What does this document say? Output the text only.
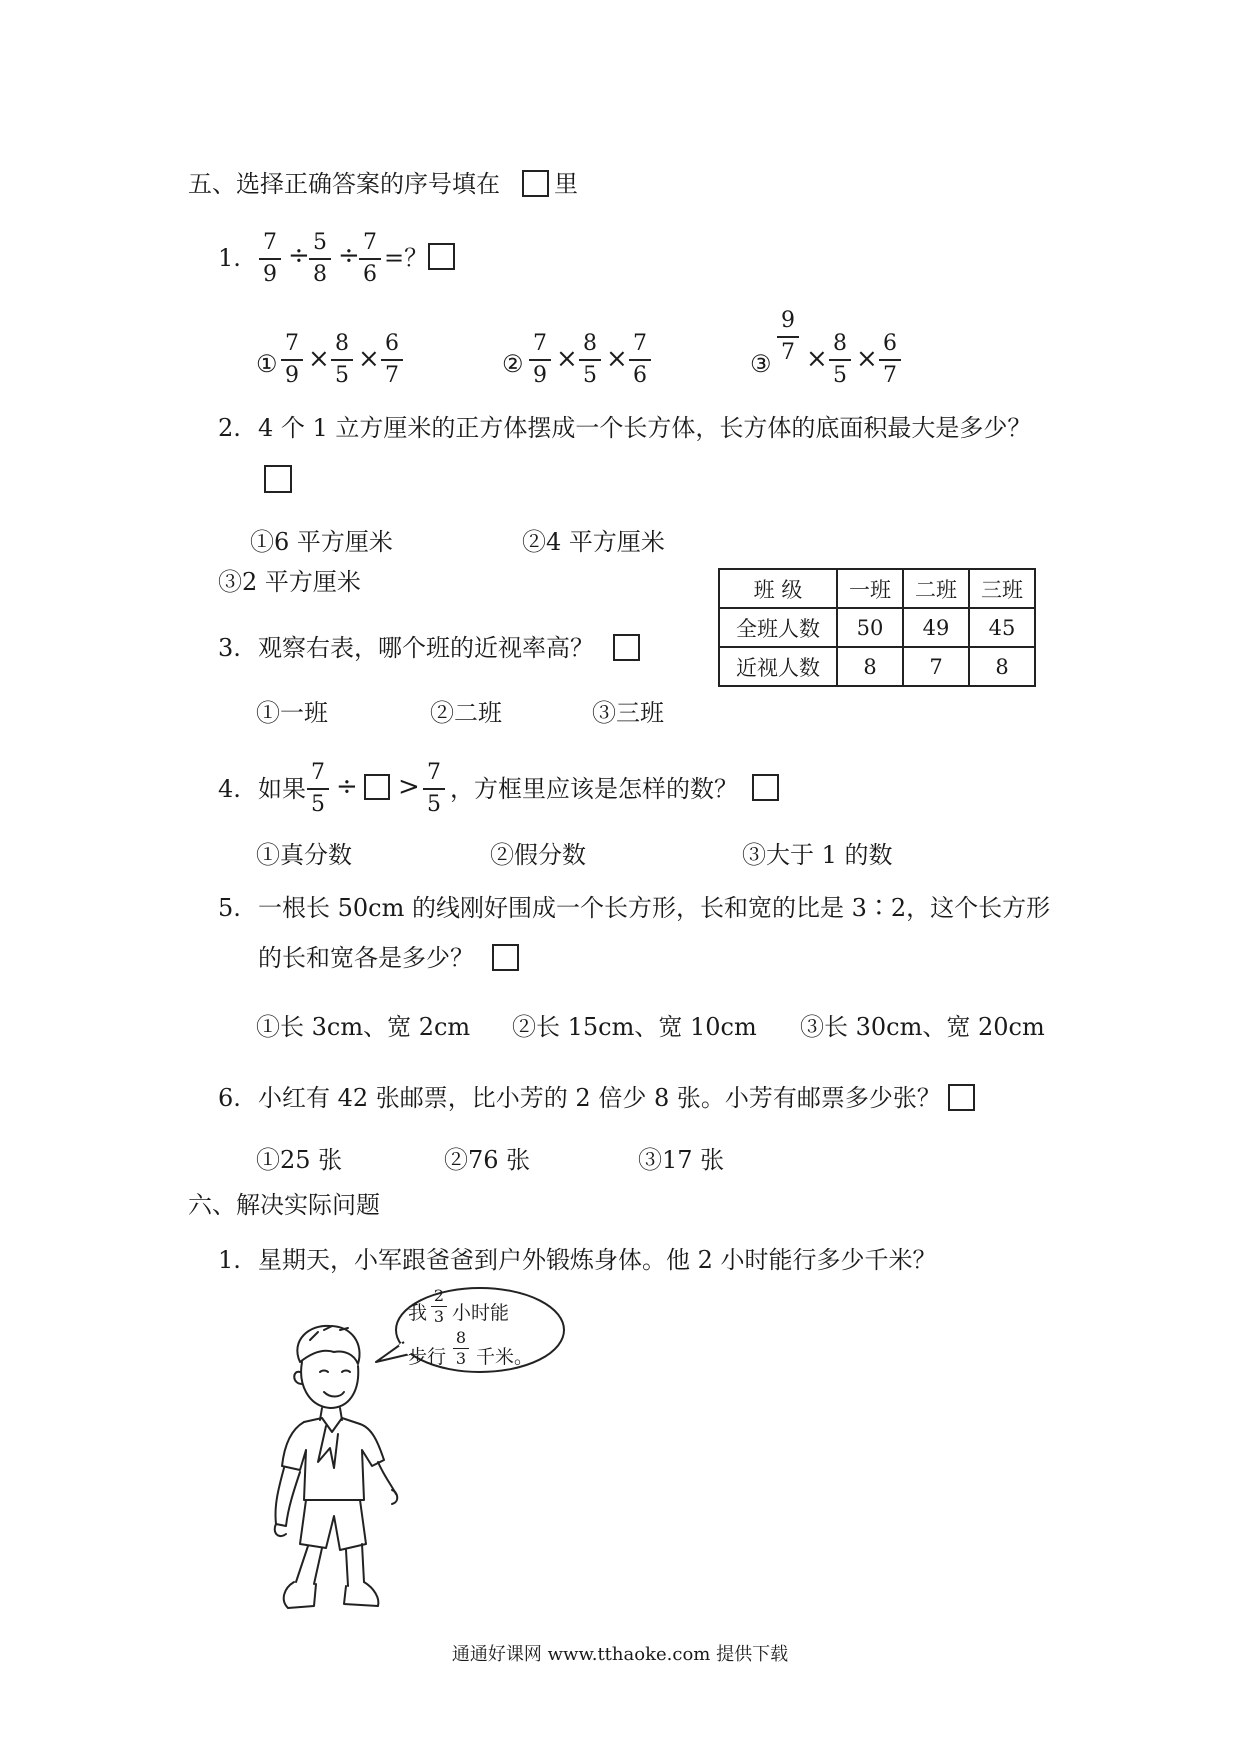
五、选择正确答案的序号填在 里
1.
7
9
÷ 5
8
÷ 7
6
=？
①
7
9
×
8
5
×
6
7	②
7
9
×
8
5
×
7
6	③
9
7 ×
8
5
×
6
7
2. 4 个 1 立方厘米的正方体摆成一个长方体，长方体的底面积最大是多少？
①6 平方厘米	②4 平方厘米
③2 平方厘米	班 级	一班	二班	三班
全班人数	50	49	45
近视人数	8	7	8
3. 观察右表，哪个班的近视率高？
①一班	②二班	③三班
4. 如果
7
5
÷ > 7
5
，方框里应该是怎样的数？
①真分数	②假分数	③大于 1 的数
5. 一根长 50cm 的线刚好围成一个长方形，长和宽的比是 3∶2，这个长方形
的长和宽各是多少？
①长 3cm、宽 2cm ②长 15cm、宽 10cm ③长 30cm、宽 20cm
6. 小红有 42 张邮票，比小芳的 2 倍少 8 张。小芳有邮票多少张？
①25 张	②76 张	③17 张
六、解决实际问题
1. 星期天，小军跟爸爸到户外锻炼身体。他 2 小时能行多少千米？
我
2
3 小时能
步行
8
3 千米。
通通好课网 www.tthaoke.com 提供下载
